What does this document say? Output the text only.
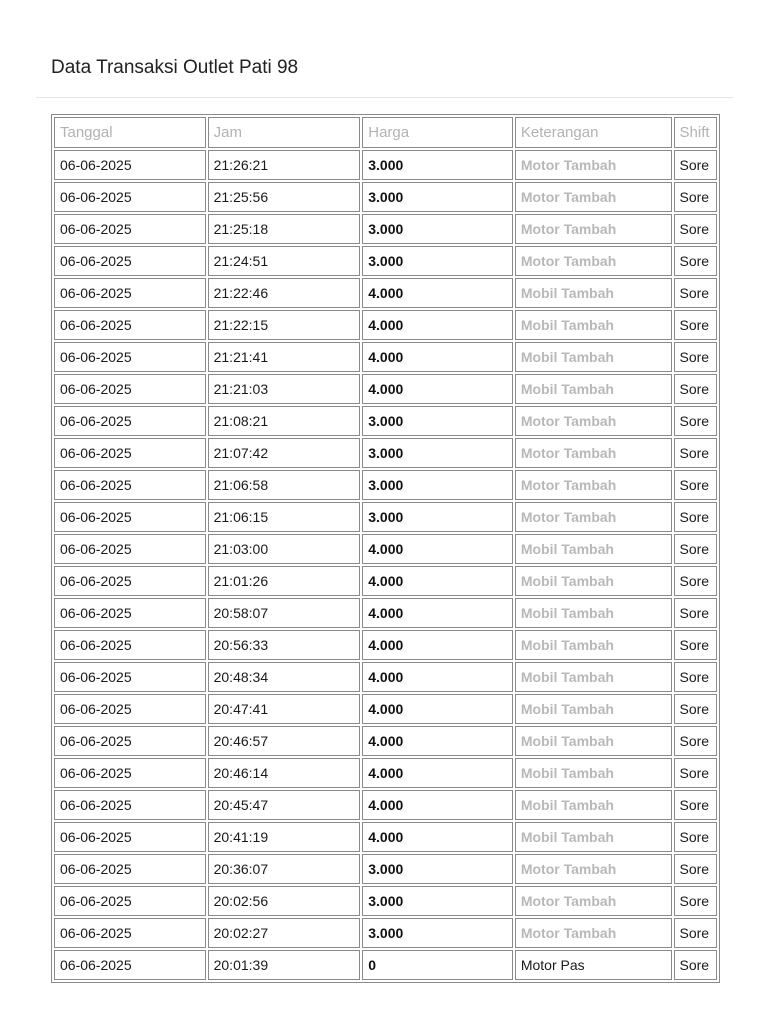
Data Transaksi Outlet Pati 98
Tanggal	Jam	Harga	Keterangan	Shift
06-06-2025	21:26:21	3.000	Motor Tambah	Sore
06-06-2025	21:25:56	3.000	Motor Tambah	Sore
06-06-2025	21:25:18	3.000	Motor Tambah	Sore
06-06-2025	21:24:51	3.000	Motor Tambah	Sore
06-06-2025	21:22:46	4.000	Mobil Tambah	Sore
06-06-2025	21:22:15	4.000	Mobil Tambah	Sore
06-06-2025	21:21:41	4.000	Mobil Tambah	Sore
06-06-2025	21:21:03	4.000	Mobil Tambah	Sore
06-06-2025	21:08:21	3.000	Motor Tambah	Sore
06-06-2025	21:07:42	3.000	Motor Tambah	Sore
06-06-2025	21:06:58	3.000	Motor Tambah	Sore
06-06-2025	21:06:15	3.000	Motor Tambah	Sore
06-06-2025	21:03:00	4.000	Mobil Tambah	Sore
06-06-2025	21:01:26	4.000	Mobil Tambah	Sore
06-06-2025	20:58:07	4.000	Mobil Tambah	Sore
06-06-2025	20:56:33	4.000	Mobil Tambah	Sore
06-06-2025	20:48:34	4.000	Mobil Tambah	Sore
06-06-2025	20:47:41	4.000	Mobil Tambah	Sore
06-06-2025	20:46:57	4.000	Mobil Tambah	Sore
06-06-2025	20:46:14	4.000	Mobil Tambah	Sore
06-06-2025	20:45:47	4.000	Mobil Tambah	Sore
06-06-2025	20:41:19	4.000	Mobil Tambah	Sore
06-06-2025	20:36:07	3.000	Motor Tambah	Sore
06-06-2025	20:02:56	3.000	Motor Tambah	Sore
06-06-2025	20:02:27	3.000	Motor Tambah	Sore
06-06-2025	20:01:39	0	Motor Pas	Sore
